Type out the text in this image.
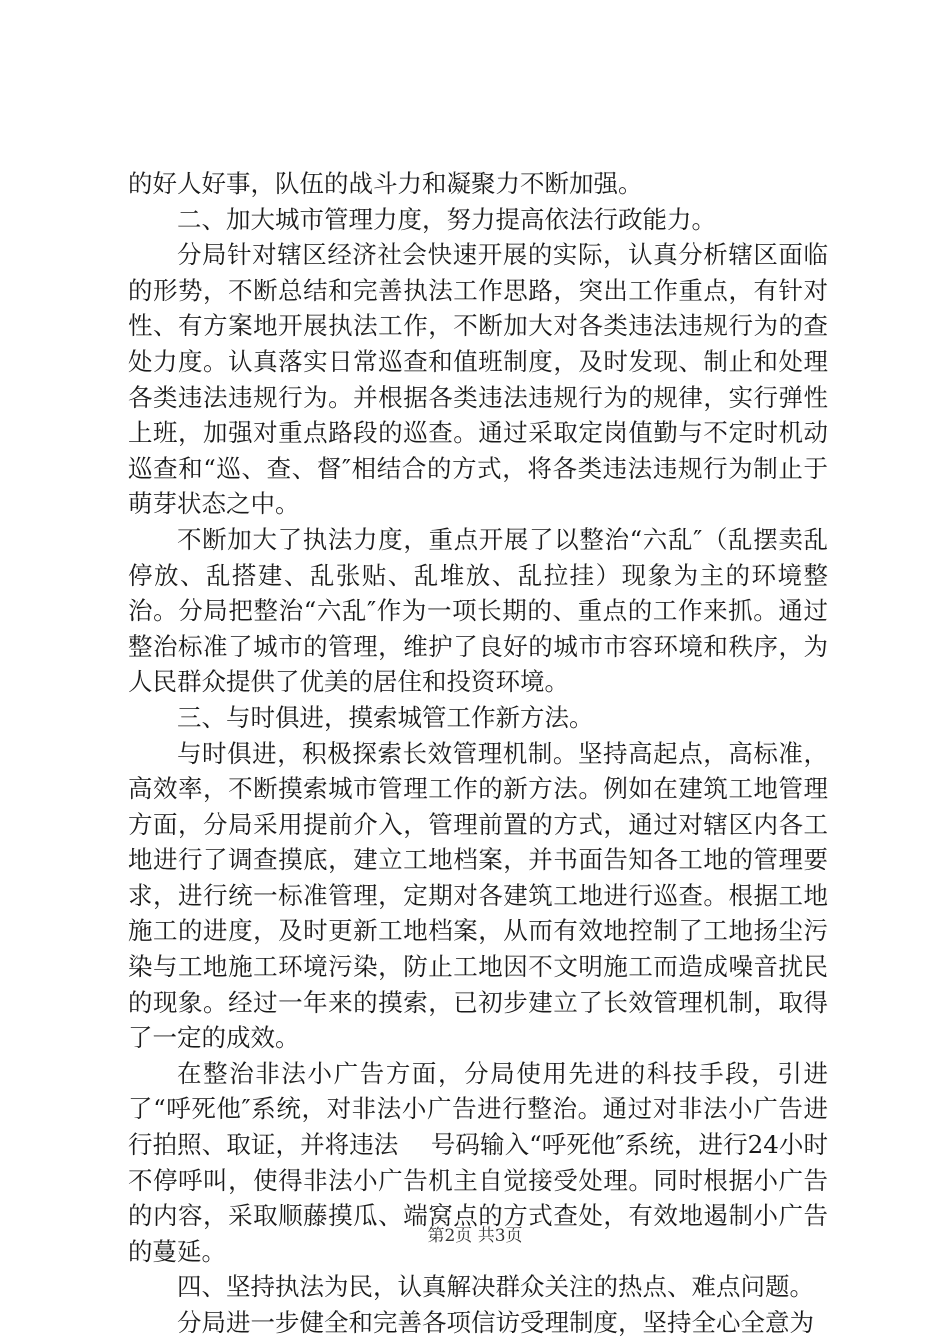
的好人好事，队伍的战斗力和凝聚力不断加强。

二、加大城市管理力度，努力提高依法行政能力。

分局针对辖区经济社会快速开展的实际，认真分析辖区面临的形势，不断总结和完善执法工作思路，突出工作重点，有针对性、有方案地开展执法工作，不断加大对各类违法违规行为的查处力度。认真落实日常巡查和值班制度，及时发现、制止和处理各类违法违规行为。并根据各类违法违规行为的规律，实行弹性上班，加强对重点路段的巡查。通过采取定岗值勤与不定时机动巡查和“巡、查、督″相结合的方式，将各类违法违规行为制止于萌芽状态之中。

不断加大了执法力度，重点开展了以整治“六乱″（乱摆卖乱停放、乱搭建、乱张贴、乱堆放、乱拉挂）现象为主的环境整治。分局把整治“六乱″作为一项长期的、重点的工作来抓。通过整治标准了城市的管理，维护了良好的城市市容环境和秩序，为人民群众提供了优美的居住和投资环境。

三、与时俱进，摸索城管工作新方法。

与时俱进，积极探索长效管理机制。坚持高起点，高标准，高效率，不断摸索城市管理工作的新方法。例如在建筑工地管理方面，分局采用提前介入，管理前置的方式，通过对辖区内各工地进行了调查摸底，建立工地档案，并书面告知各工地的管理要求，进行统一标准管理，定期对各建筑工地进行巡查。根据工地施工的进度，及时更新工地档案，从而有效地控制了工地扬尘污染与工地施工环境污染，防止工地因不文明施工而造成噪音扰民的现象。经过一年来的摸索，已初步建立了长效管理机制，取得了一定的成效。

在整治非法小广告方面，分局使用先进的科技手段，引进了“呼死他″系统，对非法小广告进行整治。通过对非法小广告进行拍照、取证，并将违法　 号码输入“呼死他″系统，进行24小时不停呼叫，使得非法小广告机主自觉接受处理。同时根据小广告的内容，采取顺藤摸瓜、端窝点的方式查处，有效地遏制小广告的蔓延。

四、坚持执法为民，认真解决群众关注的热点、难点问题。

分局进一步健全和完善各项信访受理制度，坚持全心全意为

第2页 共3页
